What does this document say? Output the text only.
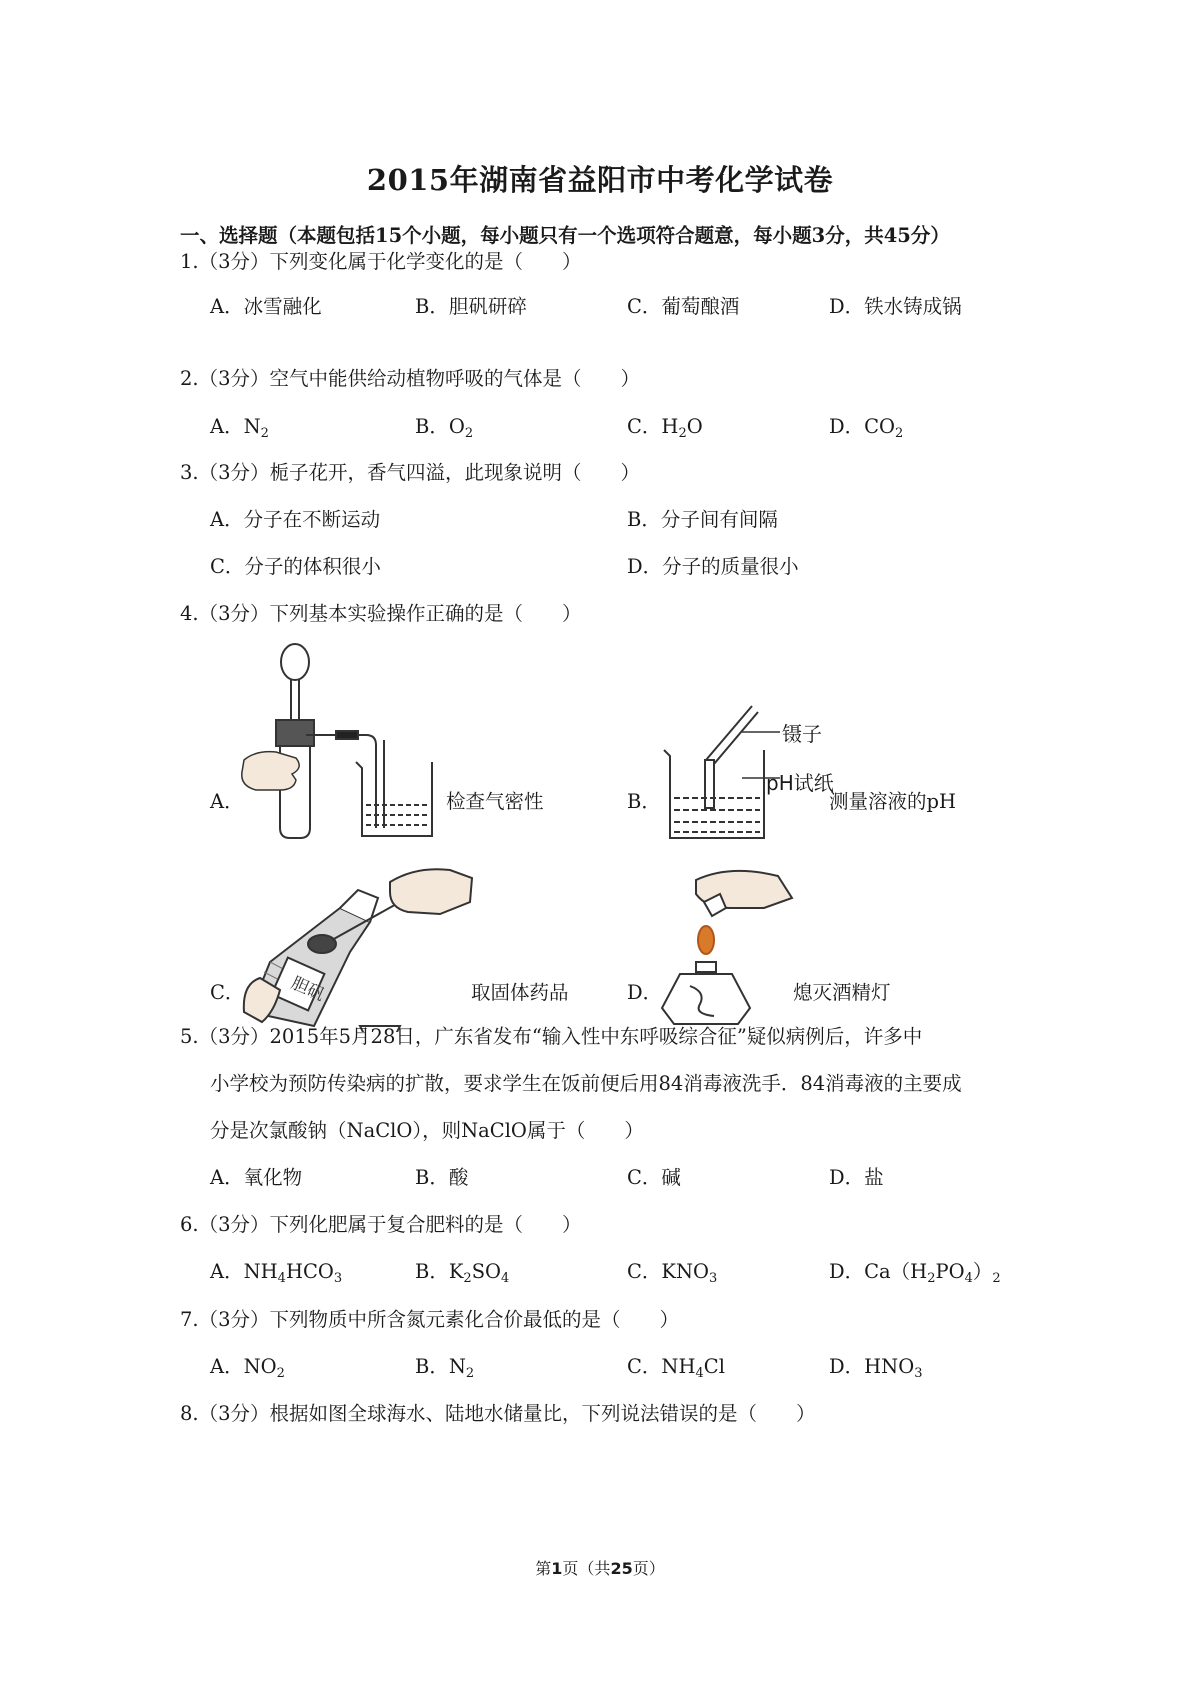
2015年湖南省益阳市中考化学试卷
一、选择题（本题包括15个小题，每小题只有一个选项符合题意，每小题3分，共45分）
1.（3分）下列变化属于化学变化的是（　　）
A．冰雪融化	B．胆矾研碎	C．葡萄酿酒	D．铁水铸成锅
2.（3分）空气中能供给动植物呼吸的气体是（　　）
A．$N_2$	B．$O_2$	C．$H_2O$	D．$CO_2$
3.（3分）栀子花开，香气四溢，此现象说明（　　）
A．分子在不断运动	B．分子间有间隔
C．分子的体积很小	D．分子的质量很小
4.（3分）下列基本实验操作正确的是（　　）
A．	检查气密性
镊子
pH试纸
B．	测量溶液的pH
胆矾
C．	取固体药品	D．	熄灭酒精灯
5.（3分）2015年5月28日，广东省发布“输入性中东呼吸综合征”疑似病例后，许多中
小学校为预防传染病的扩散，要求学生在饭前便后用84消毒液洗手．84消毒液的主要成
分是次氯酸钠（NaClO），则NaClO属于（　　）
A．氧化物	B．酸	C．碱	D．盐
6.（3分）下列化肥属于复合肥料的是（　　）
A．$NH_4HCO_3$	B．$K_2SO_4$	C．$KNO_3$	D．$Ca(H_2PO_4)_2$
7.（3分）下列物质中所含氮元素化合价最低的是（　　）
A．$NO_2$	B．$N_2$	C．$NH_4Cl$	D．$HNO_3$
8.（3分）根据如图全球海水、陆地水储量比，下列说法错误的是（　　）
第1页（共25页）
